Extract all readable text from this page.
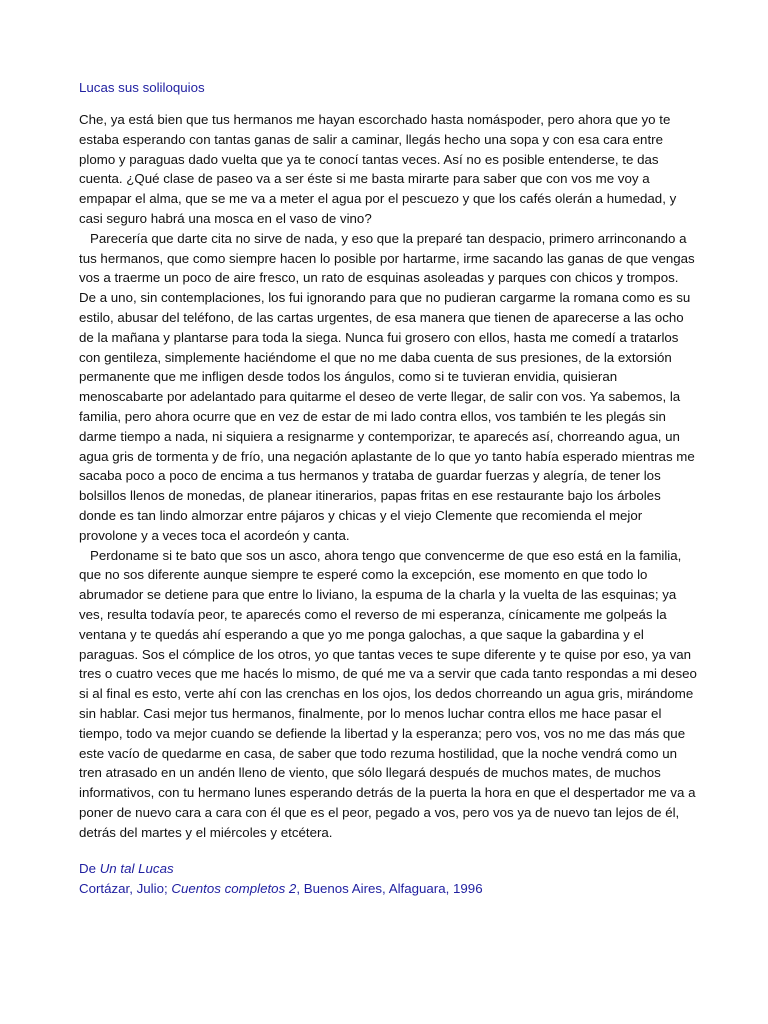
Lucas sus soliloquios

Che, ya está bien que tus hermanos me hayan escorchado hasta nomáspoder, pero ahora que yo te estaba esperando con tantas ganas de salir a caminar, llegás hecho una sopa y con esa cara entre plomo y paraguas dado vuelta que ya te conocí tantas veces. Así no es posible entenderse, te das cuenta. ¿Qué clase de paseo va a ser éste si me basta mirarte para saber que con vos me voy a empapar el alma, que se me va a meter el agua por el pescuezo y que los cafés olerán a humedad, y casi seguro habrá una mosca en el vaso de vino?

Parecería que darte cita no sirve de nada, y eso que la preparé tan despacio, primero arrinconando a tus hermanos, que como siempre hacen lo posible por hartarme, irme sacando las ganas de que vengas vos a traerme un poco de aire fresco, un rato de esquinas asoleadas y parques con chicos y trompos. De a uno, sin contemplaciones, los fui ignorando para que no pudieran cargarme la romana como es su estilo, abusar del teléfono, de las cartas urgentes, de esa manera que tienen de aparecerse a las ocho de la mañana y plantarse para toda la siega. Nunca fui grosero con ellos, hasta me comedí a tratarlos con gentileza, simplemente haciéndome el que no me daba cuenta de sus presiones, de la extorsión permanente que me infligen desde todos los ángulos, como si te tuvieran envidia, quisieran menoscabarte por adelantado para quitarme el deseo de verte llegar, de salir con vos. Ya sabemos, la familia, pero ahora ocurre que en vez de estar de mi lado contra ellos, vos también te les plegás sin darme tiempo a nada, ni siquiera a resignarme y contemporizar, te aparecés así, chorreando agua, un agua gris de tormenta y de frío, una negación aplastante de lo que yo tanto había esperado mientras me sacaba poco a poco de encima a tus hermanos y trataba de guardar fuerzas y alegría, de tener los bolsillos llenos de monedas, de planear itinerarios, papas fritas en ese restaurante bajo los árboles donde es tan lindo almorzar entre pájaros y chicas y el viejo Clemente que recomienda el mejor provolone y a veces toca el acordeón y canta.

Perdoname si te bato que sos un asco, ahora tengo que convencerme de que eso está en la familia, que no sos diferente aunque siempre te esperé como la excepción, ese momento en que todo lo abrumador se detiene para que entre lo liviano, la espuma de la charla y la vuelta de las esquinas; ya ves, resulta todavía peor, te aparecés como el reverso de mi esperanza, cínicamente me golpeás la ventana y te quedás ahí esperando a que yo me ponga galochas, a que saque la gabardina y el paraguas. Sos el cómplice de los otros, yo que tantas veces te supe diferente y te quise por eso, ya van tres o cuatro veces que me hacés lo mismo, de qué me va a servir que cada tanto respondas a mi deseo si al final es esto, verte ahí con las crenchas en los ojos, los dedos chorreando un agua gris, mirándome sin hablar. Casi mejor tus hermanos, finalmente, por lo menos luchar contra ellos me hace pasar el tiempo, todo va mejor cuando se defiende la libertad y la esperanza; pero vos, vos no me das más que este vacío de quedarme en casa, de saber que todo rezuma hostilidad, que la noche vendrá como un tren atrasado en un andén lleno de viento, que sólo llegará después de muchos mates, de muchos informativos, con tu hermano lunes esperando detrás de la puerta la hora en que el despertador me va a poner de nuevo cara a cara con él que es el peor, pegado a vos, pero vos ya de nuevo tan lejos de él, detrás del martes y el miércoles y etcétera.

De Un tal Lucas
Cortázar, Julio; Cuentos completos 2, Buenos Aires, Alfaguara, 1996
